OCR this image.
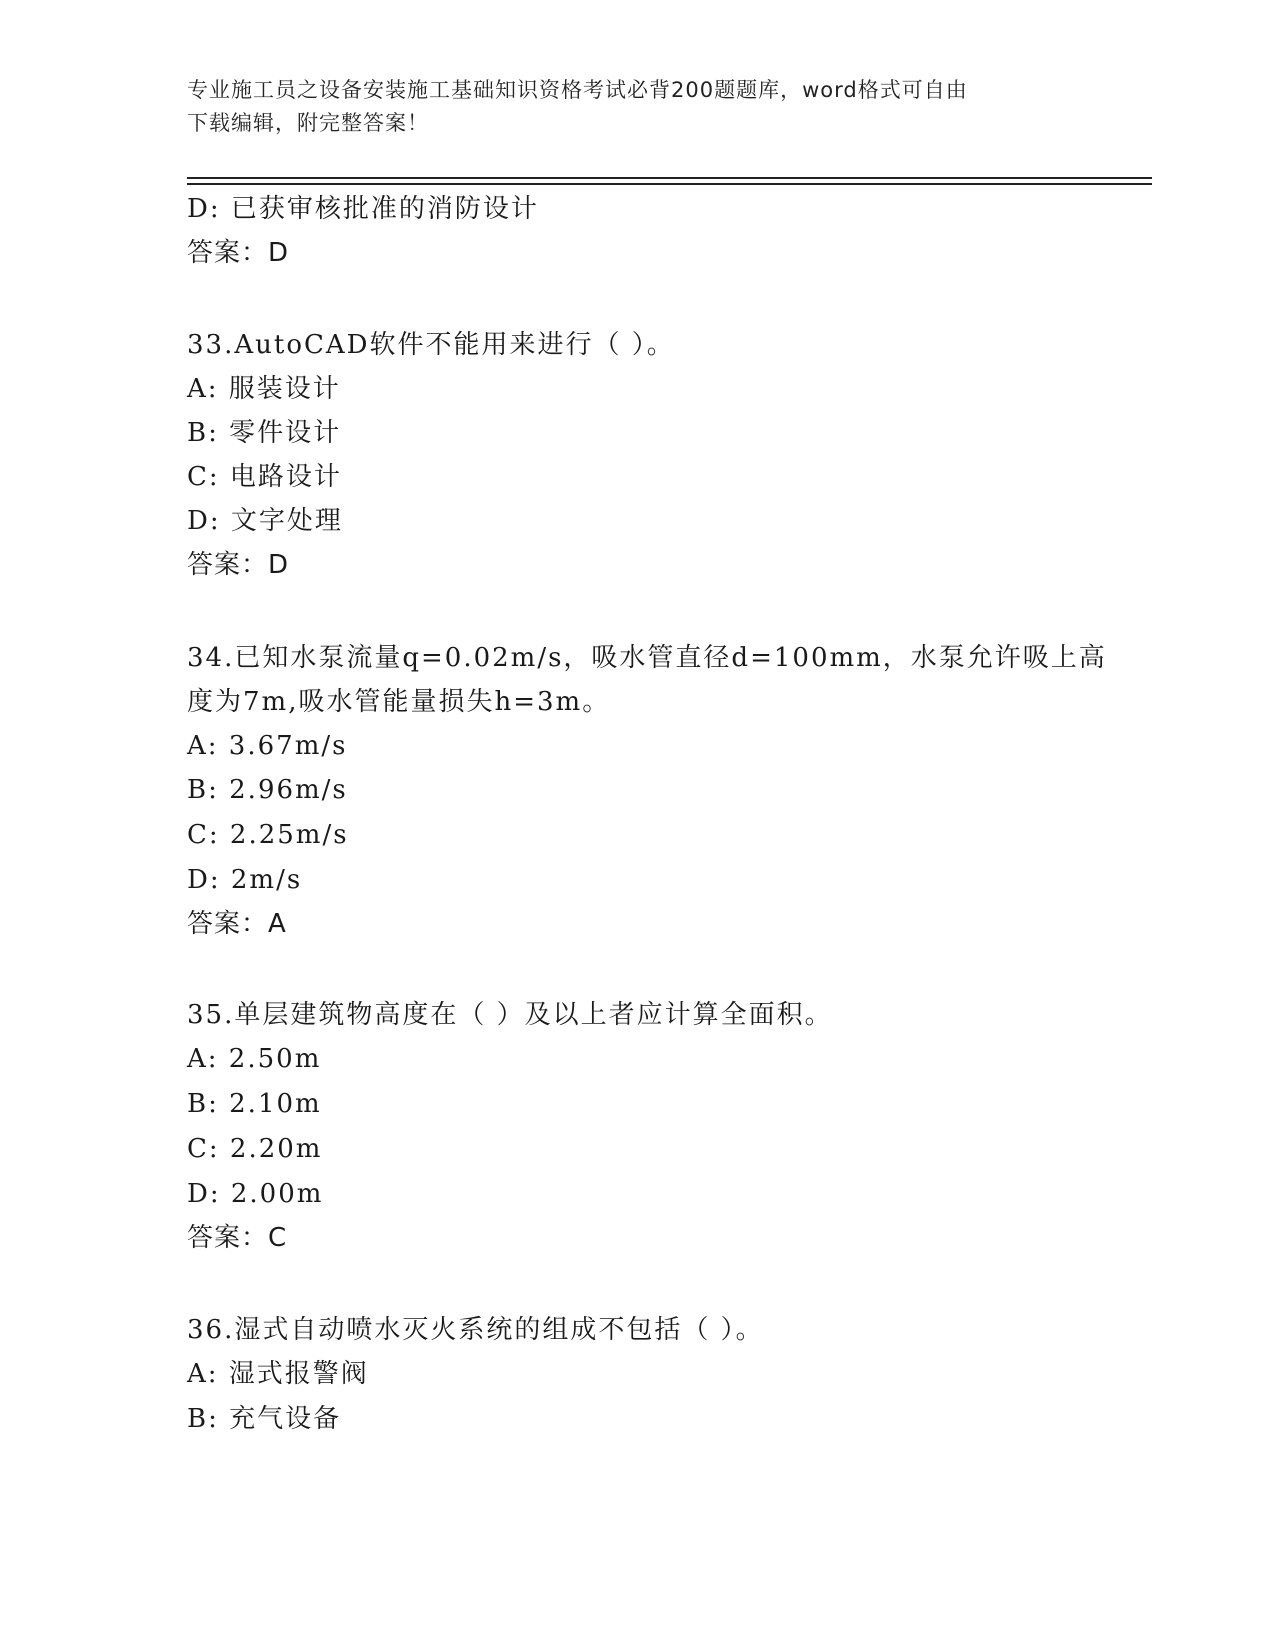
专业施工员之设备安装施工基础知识资格考试必背200题题库，word格式可自由
下载编辑，附完整答案！
D: 已获审核批准的消防设计
答案：D
33.AutoCAD软件不能用来进行（ ）。
A: 服装设计
B: 零件设计
C: 电路设计
D: 文字处理
答案：D
34.已知水泵流量q=0.02m/s，吸水管直径d=100mm，水泵允许吸上高
度为7m,吸水管能量损失h=3m。
A: 3.67m/s
B: 2.96m/s
C: 2.25m/s
D: 2m/s
答案：A
35.单层建筑物高度在（ ）及以上者应计算全面积。
A: 2.50m
B: 2.10m
C: 2.20m
D: 2.00m
答案：C
36.湿式自动喷水灭火系统的组成不包括（ ）。
A: 湿式报警阀
B: 充气设备
